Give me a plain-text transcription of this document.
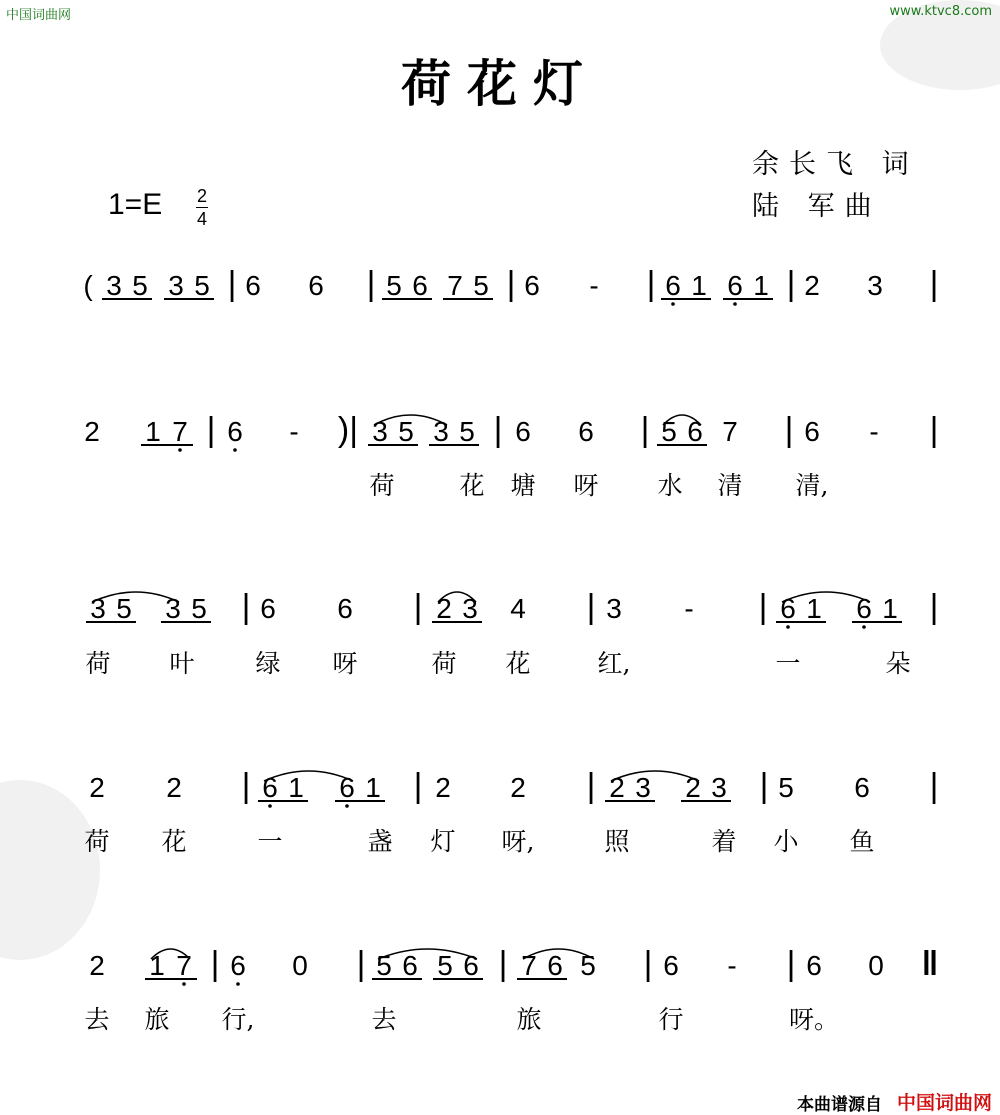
中国词曲网	www.ktvc8.com
荷花灯
余长飞 词
陆 军曲
1=E 2
4
( 3 5 3 5 | 6 6 | 5 6 7 5 | 6 - | 6 1 6 1 | 2 3 |
2 1 7 | 6 - )| 3 5 3 5 | 6 6 | 5 6 7 | 6 - |
荷	花 塘 呀 水 清 清,
3 5 3 5 | 6 6 | 2 3 4 | 3 - | 6 1 6 1 |
荷 叶 绿 呀	荷 花	红,	一	朵
2 2 | 6 1 6 1 | 2 2 | 2 3 2 3 | 5 6 |
荷 花	一	盏 灯 呀,	照	着 小 鱼
2 1 7 | 6 0 | 5 6 5 6 | 7 6 5 | 6 - | 6 0 ‖
去 旅 行,	去	旅	行	呀。
本曲谱源自 中国词曲网
